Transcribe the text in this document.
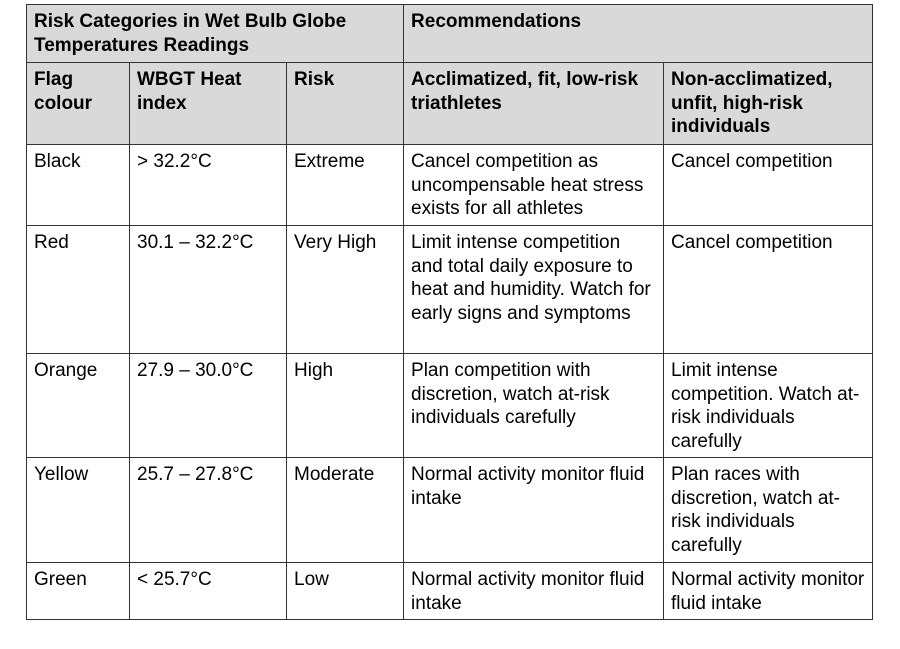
Risk Categories in Wet Bulb Globe Temperatures Readings			Recommendations	
Flag colour	WBGT Heat index	Risk	Acclimatized, fit, low-risk triathletes	Non-acclimatized, unfit, high-risk individuals
Black	> 32.2°C	Extreme	Cancel competition as uncompensable heat stress exists for all athletes	Cancel competition
Red	30.1 – 32.2°C	Very High	Limit intense competition and total daily exposure to heat and humidity. Watch for early signs and symptoms	Cancel competition
Orange	27.9 – 30.0°C	High	Plan competition with discretion, watch at-risk individuals carefully	Limit intense competition. Watch at-risk individuals carefully
Yellow	25.7 – 27.8°C	Moderate	Normal activity monitor fluid intake	Plan races with discretion, watch at-risk individuals carefully
Green	< 25.7°C	Low	Normal activity monitor fluid intake	Normal activity monitor fluid intake
